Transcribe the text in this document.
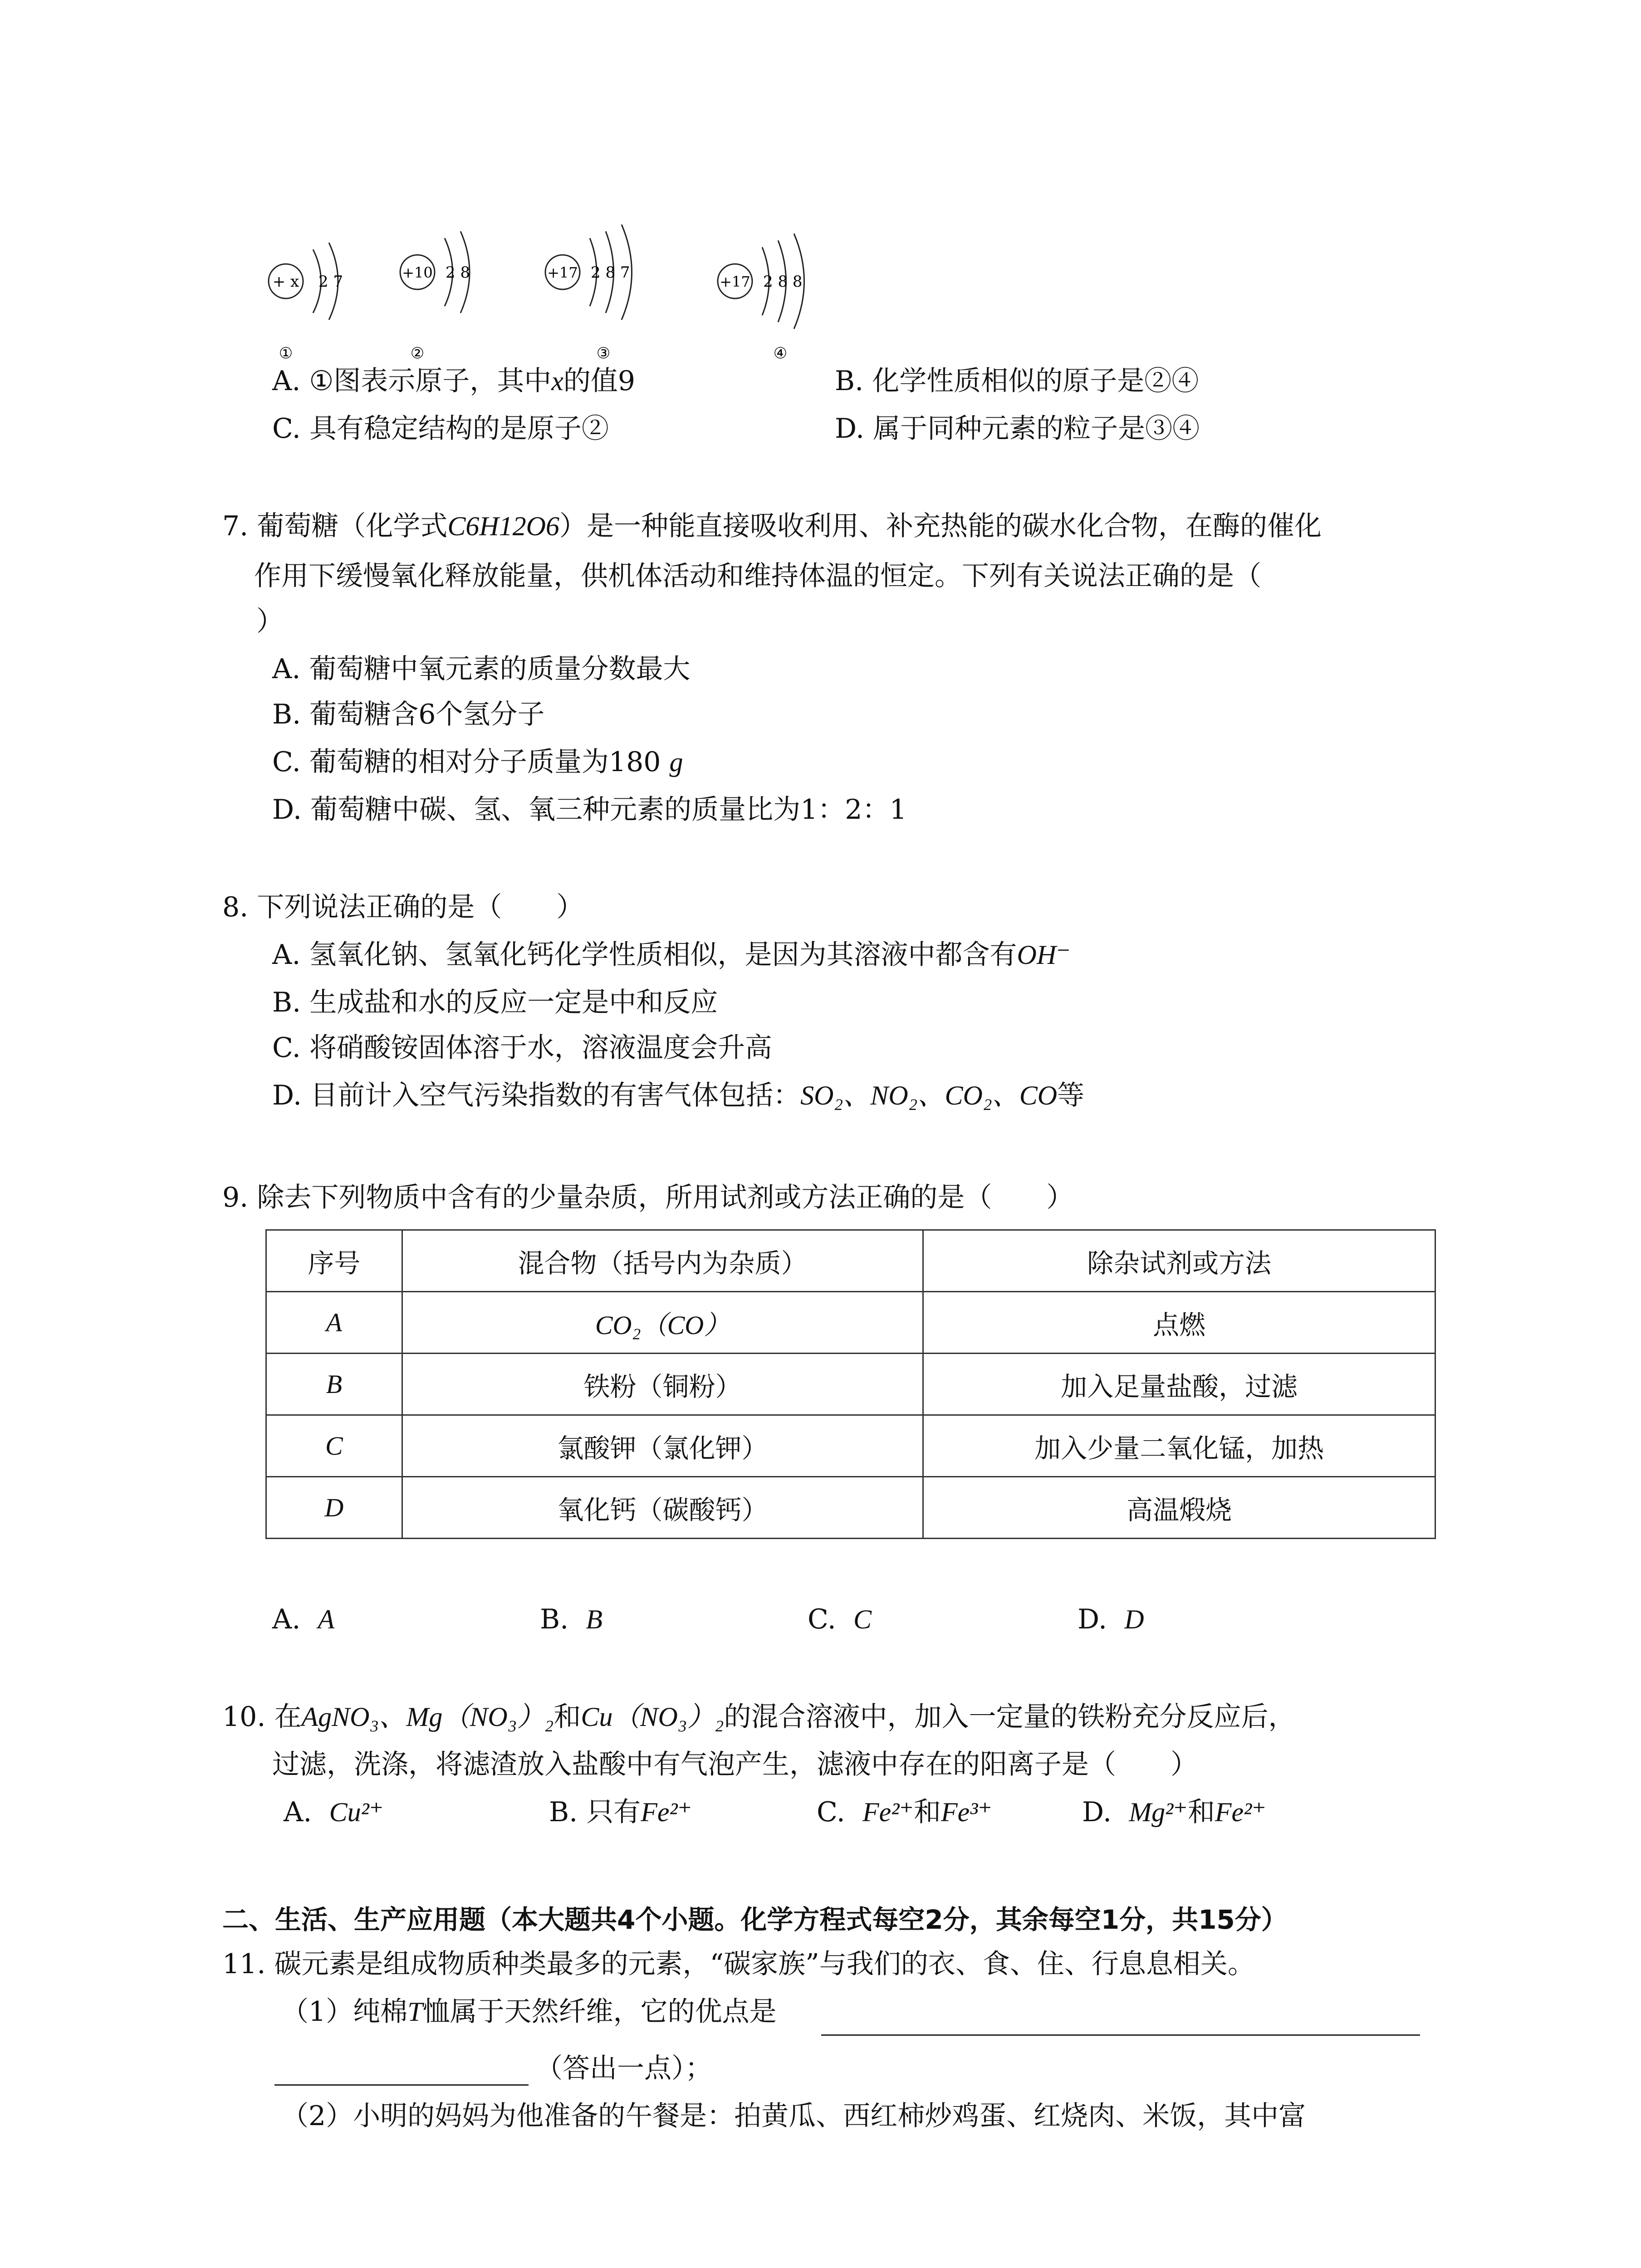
+ x 2 7
①
+10 2 8
②
+17 2 8 7
③
+17 2 8 8
④
A. ①图表示原子，其中x的值9	B. 化学性质相似的原子是②④
C. 具有稳定结构的是原子②	D. 属于同种元素的粒子是③④
7. 葡萄糖（化学式C6H12O6）是一种能直接吸收利用、补充热能的碳水化合物，在酶的催化
作用下缓慢氧化释放能量，供机体活动和维持体温的恒定。下列有关说法正确的是（
）
A. 葡萄糖中氧元素的质量分数最大
B. 葡萄糖含6个氢分子
C. 葡萄糖的相对分子质量为180 g
D. 葡萄糖中碳、氢、氧三种元素的质量比为1：2：1
8. 下列说法正确的是（　　）
A. 氢氧化钠、氢氧化钙化学性质相似，是因为其溶液中都含有OH⁻
B. 生成盐和水的反应一定是中和反应
C. 将硝酸铵固体溶于水，溶液温度会升高
D. 目前计入空气污染指数的有害气体包括：SO₂、NO₂、CO₂、CO等
9. 除去下列物质中含有的少量杂质，所用试剂或方法正确的是（　　）
序号	混合物（括号内为杂质）	除杂试剂或方法
A	CO₂（CO）	点燃
B	铁粉（铜粉）	加入足量盐酸，过滤
C	氯酸钾（氯化钾）	加入少量二氧化锰，加热
D	氧化钙（碳酸钙）	高温煅烧
A. A	B. B	C. C	D. D
10. 在AgNO₃、Mg（NO₃）₂和Cu（NO₃）₂的混合溶液中，加入一定量的铁粉充分反应后，
过滤，洗涤，将滤渣放入盐酸中有气泡产生，滤液中存在的阳离子是（　　）
A. Cu²⁺	B. 只有Fe²⁺	C. Fe²⁺和Fe³⁺	D. Mg²⁺和Fe²⁺
二、生活、生产应用题（本大题共4个小题。化学方程式每空2分，其余每空1分，共15分）
11. 碳元素是组成物质种类最多的元素，“碳家族”与我们的衣、食、住、行息息相关。
（1）纯棉T恤属于天然纤维，它的优点是
（答出一点）；
（2）小明的妈妈为他准备的午餐是：拍黄瓜、西红柿炒鸡蛋、红烧肉、米饭，其中富
